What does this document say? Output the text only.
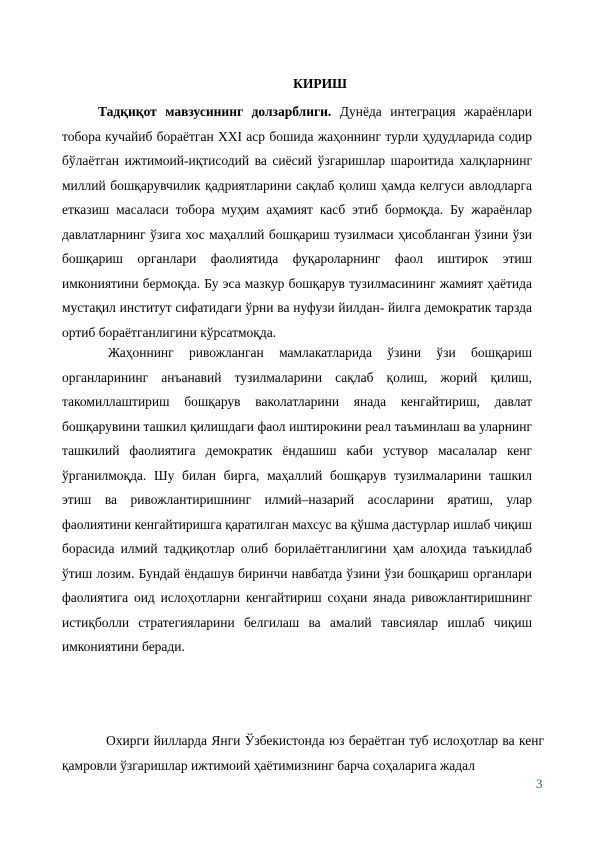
КИРИШ

Тадқиқот мавзусининг долзарблиги. Дунёда интеграция жараёнлари тобора кучайиб бораётган XXI аср бошида жаҳоннинг турли ҳудудларида содир бўлаётган ижтимоий-иқтисодий ва сиёсий ўзгаришлар шароитида халқларнинг миллий бошқарувчилик қадриятларини сақлаб қолиш ҳамда келгуси авлодларга етказиш масаласи тобора муҳим аҳамият касб этиб бормоқда. Бу жараёнлар давлатларнинг ўзига хос маҳаллий бошқариш тузилмаси ҳисобланган ўзини ўзи бошқариш органлари фаолиятида фуқароларнинг фаол иштирок этиш имкониятини бермоқда. Бу эса мазкур бошқарув тузилмасининг жамият ҳаётида мустақил институт сифатидаги ўрни ва нуфузи йилдан- йилга демократик тарзда ортиб бораётганлигини кўрсатмоқда.

Жаҳоннинг ривожланган мамлакатларида ўзини ўзи бошқариш органларининг анъанавий тузилмаларини сақлаб қолиш, жорий қилиш, такомиллаштириш бошқарув ваколатларини янада кенгайтириш, давлат бошқарувини ташкил қилишдаги фаол иштирокини реал таъминлаш ва уларнинг ташкилий фаолиятига демократик ёндашиш каби устувор масалалар кенг ўрганилмоқда. Шу билан бирга, маҳаллий бошқарув тузилмаларини ташкил этиш ва ривожлантиришнинг илмий–назарий асосларини яратиш, улар фаолиятини кенгайтиришга қаратилган махсус ва қўшма дастурлар ишлаб чиқиш борасида илмий тадқиқотлар олиб борилаётганлигини ҳам алоҳида таъкидлаб ўтиш лозим. Бундай ёндашув биринчи навбатда ўзини ўзи бошқариш органлари фаолиятига оид ислоҳотларни кенгайтириш соҳани янада ривожлантиришнинг истиқболли стратегияларини белгилаш ва амалий тавсиялар ишлаб чиқиш имкониятини беради.

Охирги йилларда Янги Ўзбекистонда юз бераётган туб ислоҳотлар ва кенг қамровли ўзгаришлар ижтимоий ҳаётимизнинг барча соҳаларига жадал

3
